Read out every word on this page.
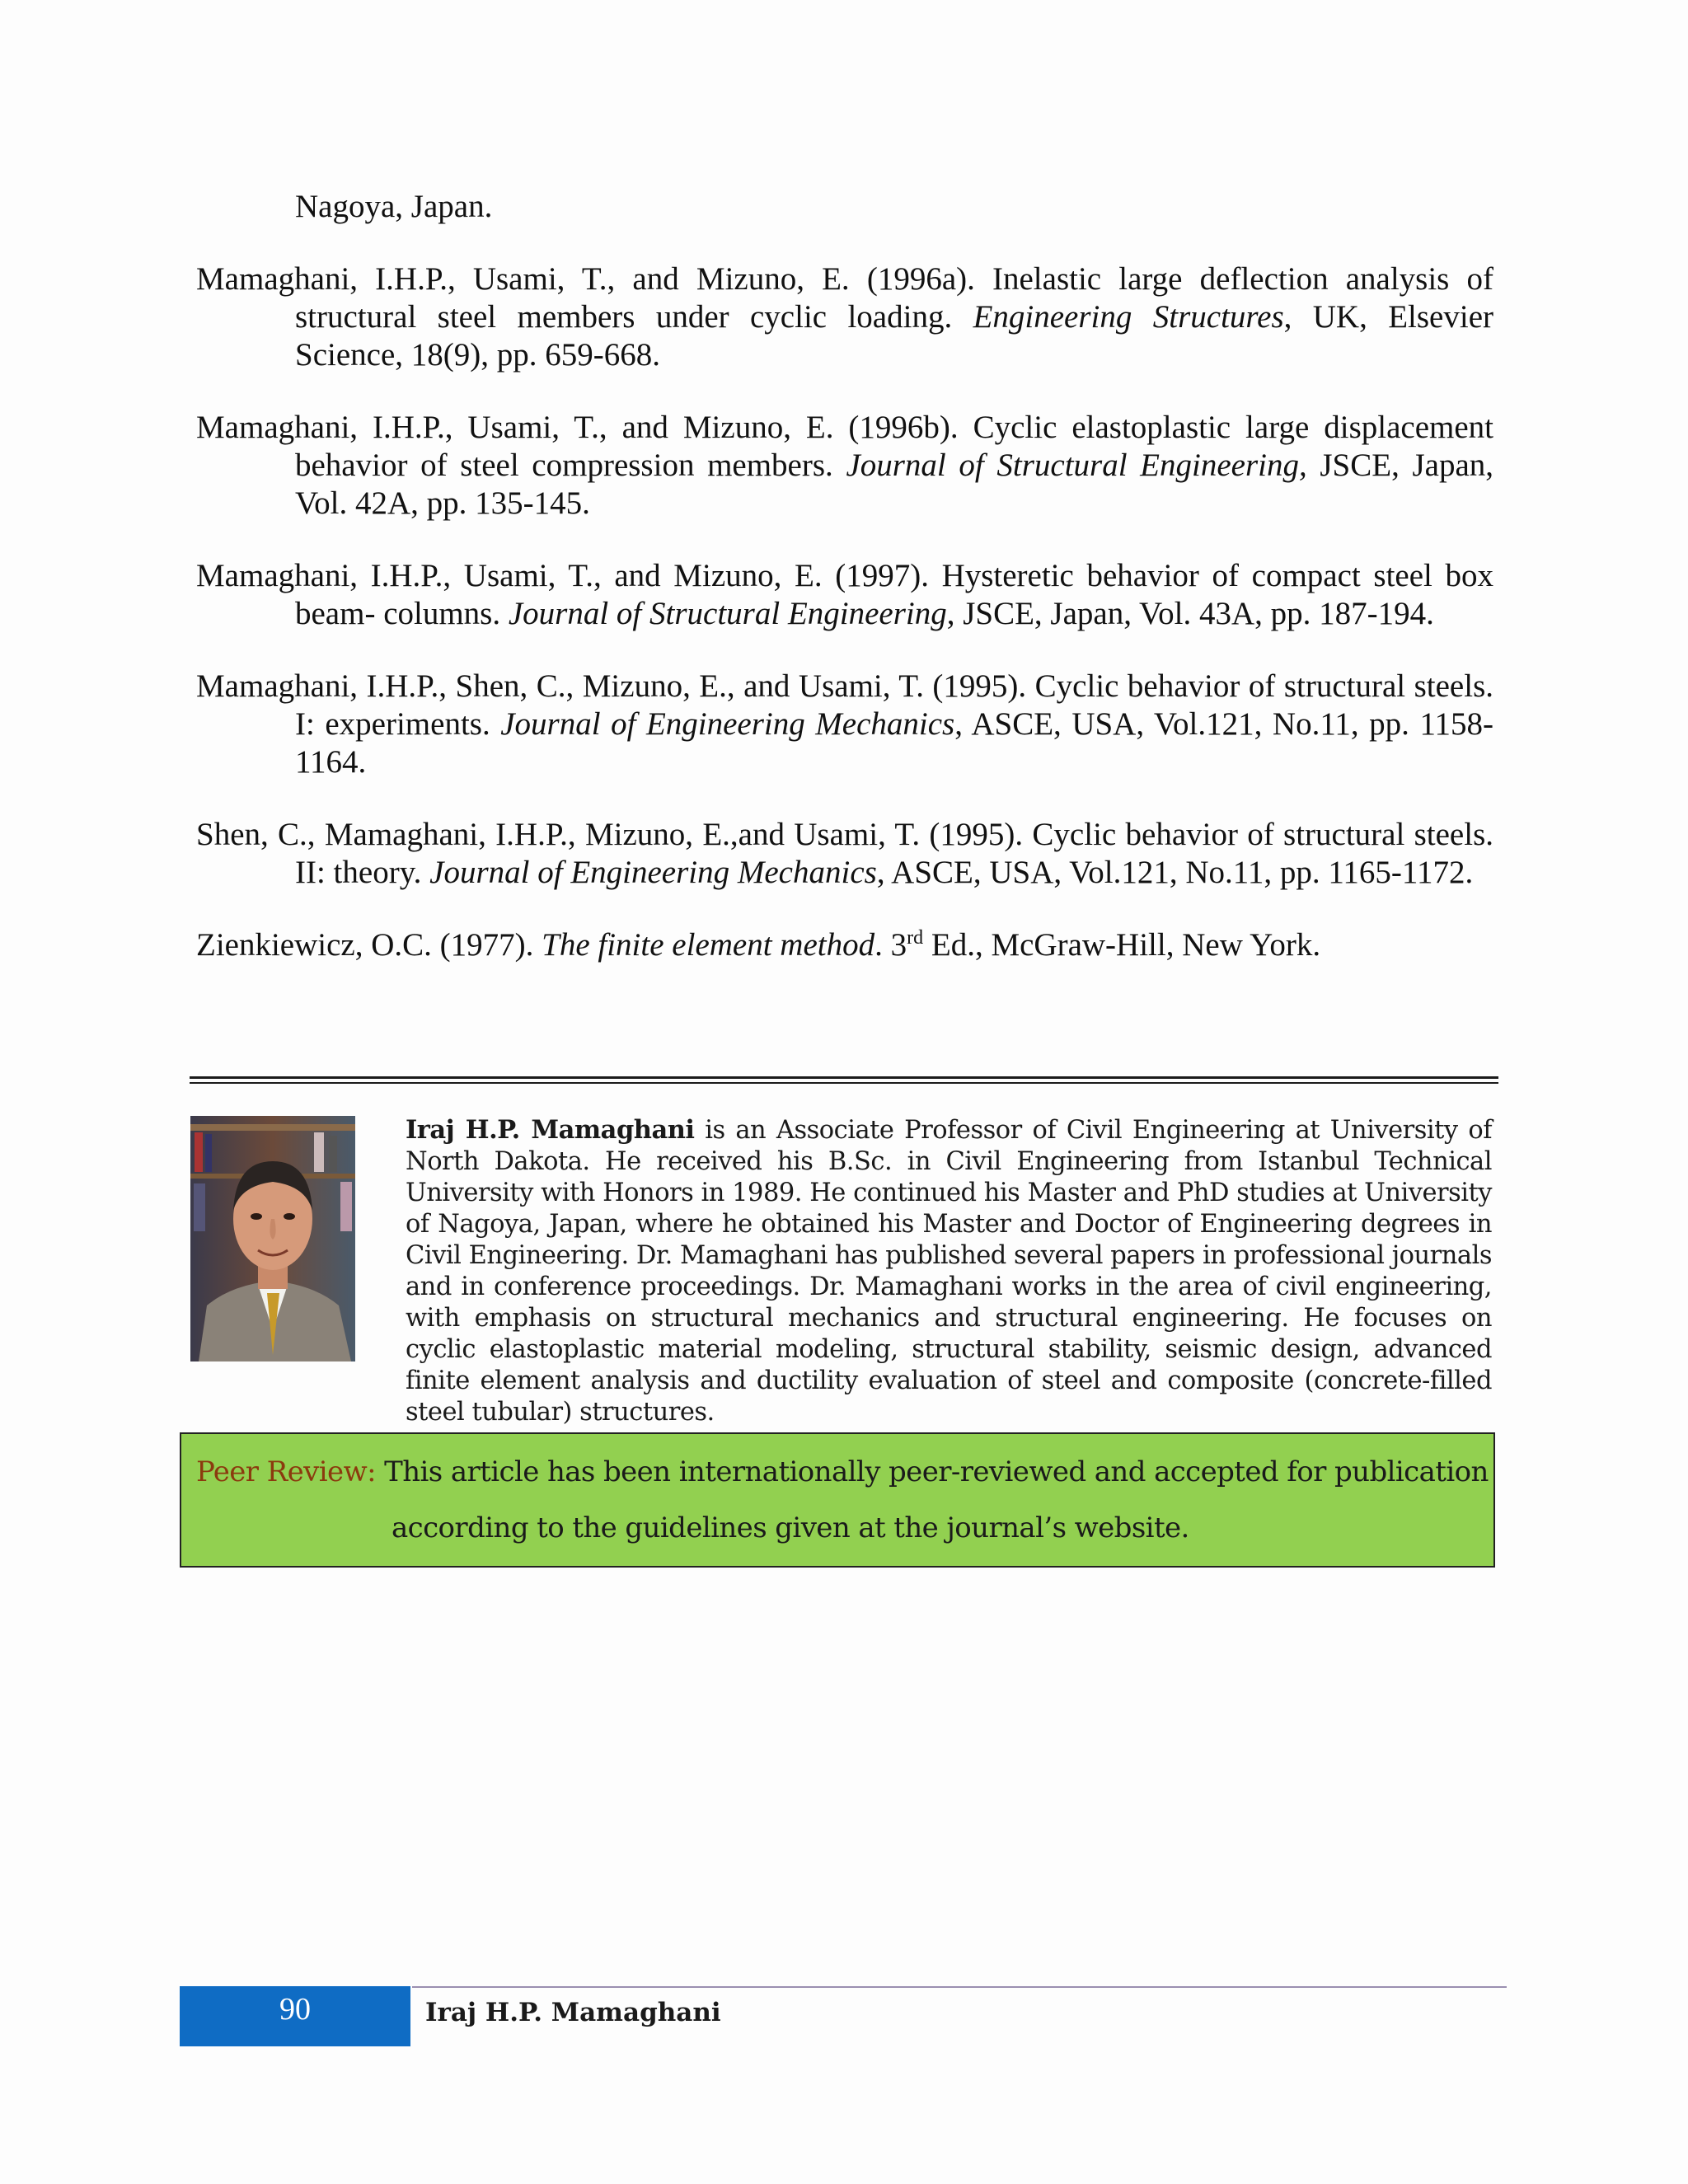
Nagoya, Japan.
Mamaghani, I.H.P., Usami, T., and Mizuno, E. (1996a). Inelastic large deflection analysis of structural steel members under cyclic loading. Engineering Structures, UK, Elsevier Science, 18(9), pp. 659-668.
Mamaghani, I.H.P., Usami, T., and Mizuno, E. (1996b). Cyclic elastoplastic large displacement behavior of steel compression members. Journal of Structural Engineering, JSCE, Japan, Vol. 42A, pp. 135-145.
Mamaghani, I.H.P., Usami, T., and Mizuno, E. (1997). Hysteretic behavior of compact steel box beam- columns. Journal of Structural Engineering, JSCE, Japan, Vol. 43A, pp. 187-194.
Mamaghani, I.H.P., Shen, C., Mizuno, E., and Usami, T. (1995). Cyclic behavior of structural steels. I: experiments. Journal of Engineering Mechanics, ASCE, USA, Vol.121, No.11, pp. 1158-1164.
Shen, C., Mamaghani, I.H.P., Mizuno, E.,and Usami, T. (1995). Cyclic behavior of structural steels. II: theory. Journal of Engineering Mechanics, ASCE, USA, Vol.121, No.11, pp. 1165-1172.
Zienkiewicz, O.C. (1977). The finite element method. 3rd Ed., McGraw-Hill, New York.
Iraj H.P. Mamaghani is an Associate Professor of Civil Engineering at University of North Dakota. He received his B.Sc. in Civil Engineering from Istanbul Technical University with Honors in 1989. He continued his Master and PhD studies at University of Nagoya, Japan, where he obtained his Master and Doctor of Engineering degrees in Civil Engineering. Dr. Mamaghani has published several papers in professional journals and in conference proceedings. Dr. Mamaghani works in the area of civil engineering, with emphasis on structural mechanics and structural engineering. He focuses on cyclic elastoplastic material modeling, structural stability, seismic design, advanced finite element analysis and ductility evaluation of steel and composite (concrete-filled steel tubular) structures.
Peer Review: This article has been internationally peer-reviewed and accepted for publication
according to the guidelines given at the journal’s website.
90	Iraj H.P. Mamaghani
